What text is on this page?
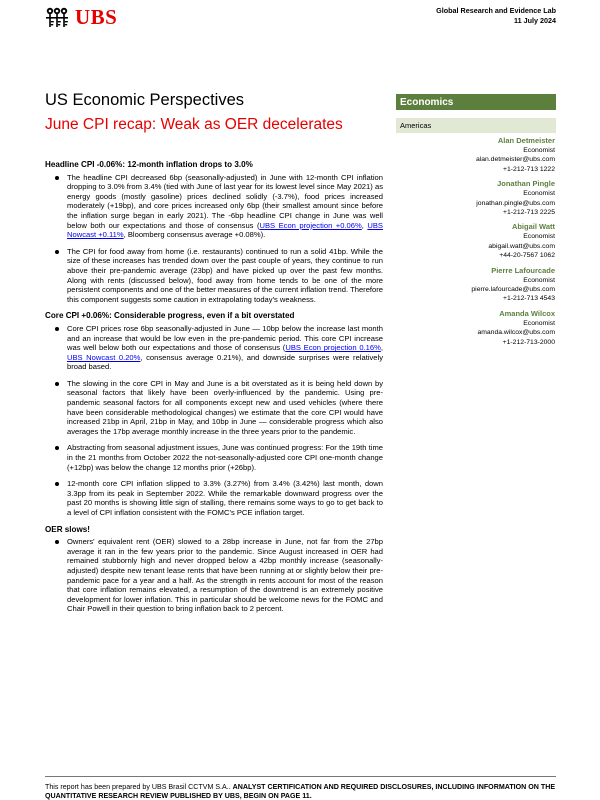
UBS	Global Research and Evidence Lab
11 July 2024
US Economic Perspectives
June CPI recap: Weak as OER decelerates
Economics
Americas
Alan Detmeister
Economist
alan.detmeister@ubs.com
+1-212-713 1222
Jonathan Pingle
Economist
jonathan.pingle@ubs.com
+1-212-713 2225
Abigail Watt
Economist
abigail.watt@ubs.com
+44-20-7567 1062
Pierre Lafourcade
Economist
pierre.lafourcade@ubs.com
+1-212-713 4543
Amanda Wilcox
Economist
amanda.wilcox@ubs.com
+1-212-713-2000
Headline CPI -0.06%: 12-month inflation drops to 3.0%

The headline CPI decreased 6bp (seasonally-adjusted) in June with 12-month CPI inflation dropping to 3.0% from 3.4% (tied with June of last year for its lowest level since May 2021) as energy goods (mostly gasoline) prices declined solidly (-3.7%), food prices increased moderately (+19bp), and core prices increased only 6bp (their smallest amount since before the inflation surge began in early 2021). The -6bp headline CPI change in June was well below both our expectations and those of consensus (UBS Econ projection +0.06%, UBS Nowcast +0.11%, Bloomberg consensus average +0.08%).

The CPI for food away from home (i.e. restaurants) continued to run a solid 41bp. While the size of these increases has trended down over the past couple of years, they continue to run above their pre-pandemic average (23bp) and have picked up over the past few months. Along with rents (discussed below), food away from home tends to be one of the more persistent components and one of the better measures of the current inflation trend. Therefore this component suggests some caution in extrapolating today's weakness.

Core CPI +0.06%: Considerable progress, even if a bit overstated

Core CPI prices rose 6bp seasonally-adjusted in June — 10bp below the increase last month and an increase that would be low even in the pre-pandemic period. This core CPI increase was well below both our expectations and those of consensus (UBS Econ projection 0.16%, UBS Nowcast 0.20%, consensus average 0.21%), and downside surprises were relatively broad based.

The slowing in the core CPI in May and June is a bit overstated as it is being held down by seasonal factors that likely have been overly-influenced by the pandemic. Using pre-pandemic seasonal factors for all components except new and used vehicles (where there have been considerable methodological changes) we estimate that the core CPI would have increased 21bp in April, 21bp in May, and 10bp in June — considerable progress which also averages the 17bp average monthly increase in the three years prior to the pandemic.

Abstracting from seasonal adjustment issues, June was continued progress: For the 19th time in the 21 months from October 2022 the not-seasonally-adjusted core CPI one-month change (+12bp) was below the change 12 months prior (+26bp).

12-month core CPI inflation slipped to 3.3% (3.27%) from 3.4% (3.42%) last month, down 3.3pp from its peak in September 2022. While the remarkable downward progress over the past 20 months is showing little sign of stalling, there remains some ways to go to get back to a level of CPI inflation consistent with the FOMC's PCE inflation target.

OER slows!

Owners' equivalent rent (OER) slowed to a 28bp increase in June, not far from the 27bp average it ran in the few years prior to the pandemic. Since August increased in OER had remained stubbornly high and never dropped below a 42bp monthly increase (seasonally-adjusted) despite new tenant lease rents that have been running at or slightly below their pre-pandemic pace for a year and a half. As the strength in rents account for most of the reason that core inflation remains elevated, a resumption of the downtrend is an extremely positive development for lower inflation. This in particular should be welcome news for the FOMC and Chair Powell in their question to bring inflation back to 2 percent.

This report has been prepared by UBS Brasil CCTVM S.A.. ANALYST CERTIFICATION AND REQUIRED DISCLOSURES, INCLUDING INFORMATION ON THE QUANTITATIVE RESEARCH REVIEW PUBLISHED BY UBS, BEGIN ON PAGE 11.
